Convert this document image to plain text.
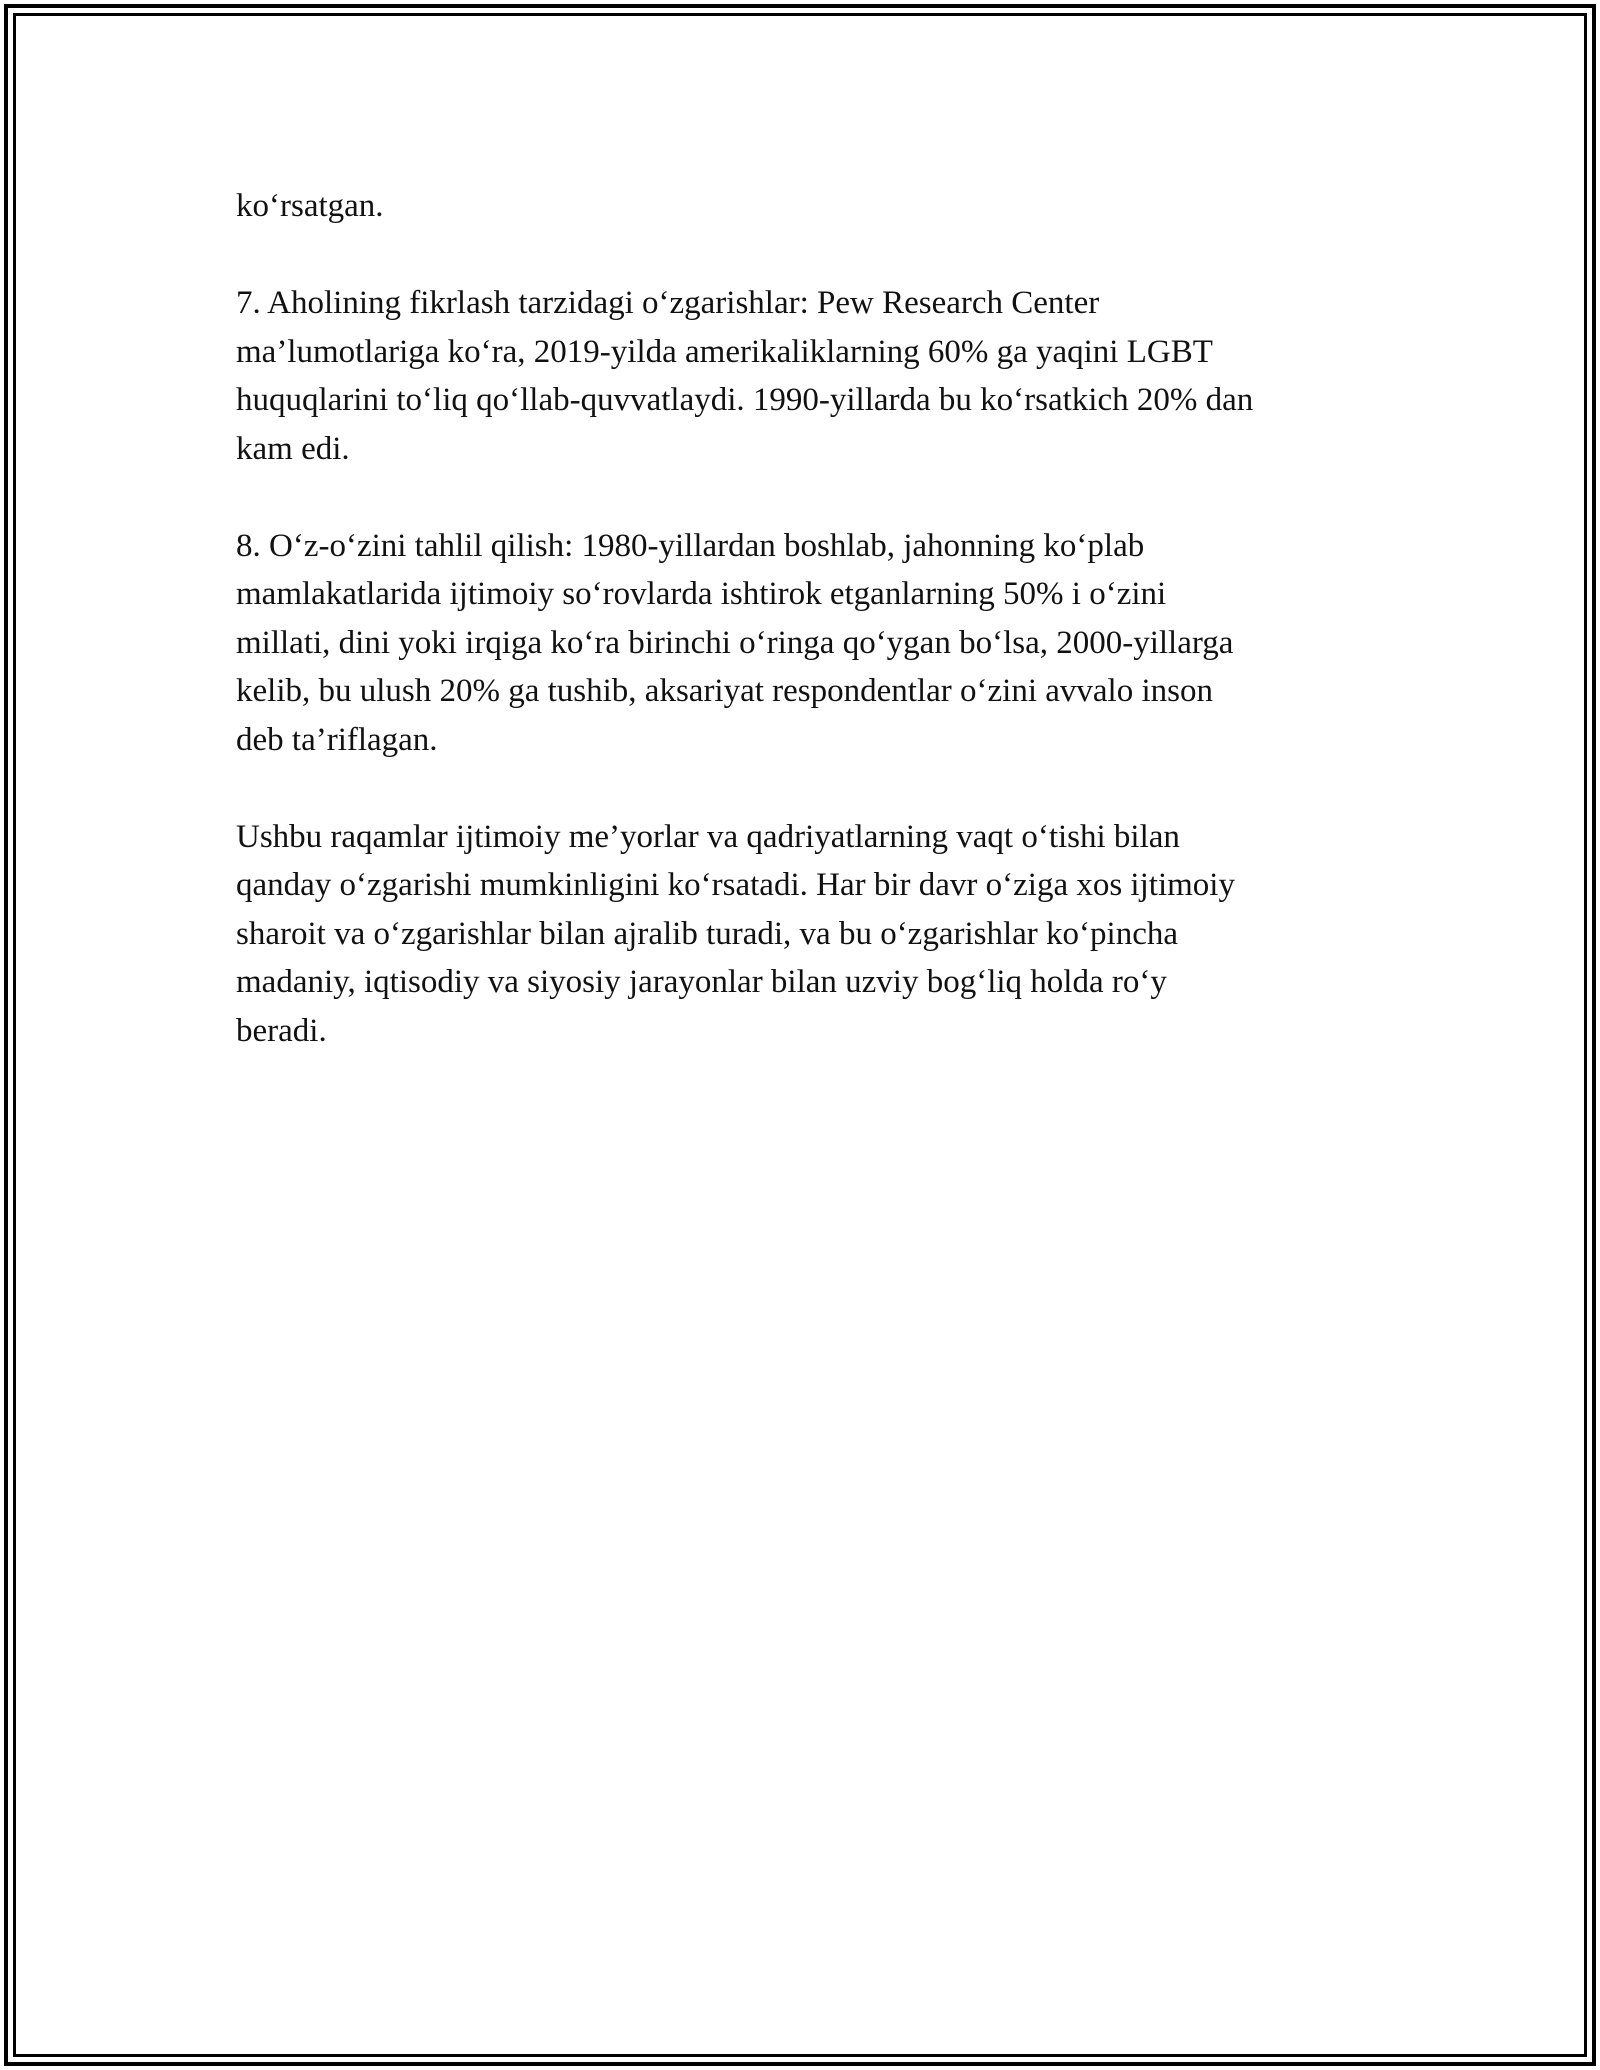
ko‘rsatgan.

7. Aholining fikrlash tarzidagi o‘zgarishlar: Pew Research Center
ma’lumotlariga ko‘ra, 2019-yilda amerikaliklarning 60% ga yaqini LGBT
huquqlarini to‘liq qo‘llab-quvvatlaydi. 1990-yillarda bu ko‘rsatkich 20% dan
kam edi.

8. O‘z-o‘zini tahlil qilish: 1980-yillardan boshlab, jahonning ko‘plab
mamlakatlarida ijtimoiy so‘rovlarda ishtirok etganlarning 50% i o‘zini
millati, dini yoki irqiga ko‘ra birinchi o‘ringa qo‘ygan bo‘lsa, 2000-yillarga
kelib, bu ulush 20% ga tushib, aksariyat respondentlar o‘zini avvalo inson
deb ta’riflagan.

Ushbu raqamlar ijtimoiy me’yorlar va qadriyatlarning vaqt o‘tishi bilan
qanday o‘zgarishi mumkinligini ko‘rsatadi. Har bir davr o‘ziga xos ijtimoiy
sharoit va o‘zgarishlar bilan ajralib turadi, va bu o‘zgarishlar ko‘pincha
madaniy, iqtisodiy va siyosiy jarayonlar bilan uzviy bog‘liq holda ro‘y
beradi.
